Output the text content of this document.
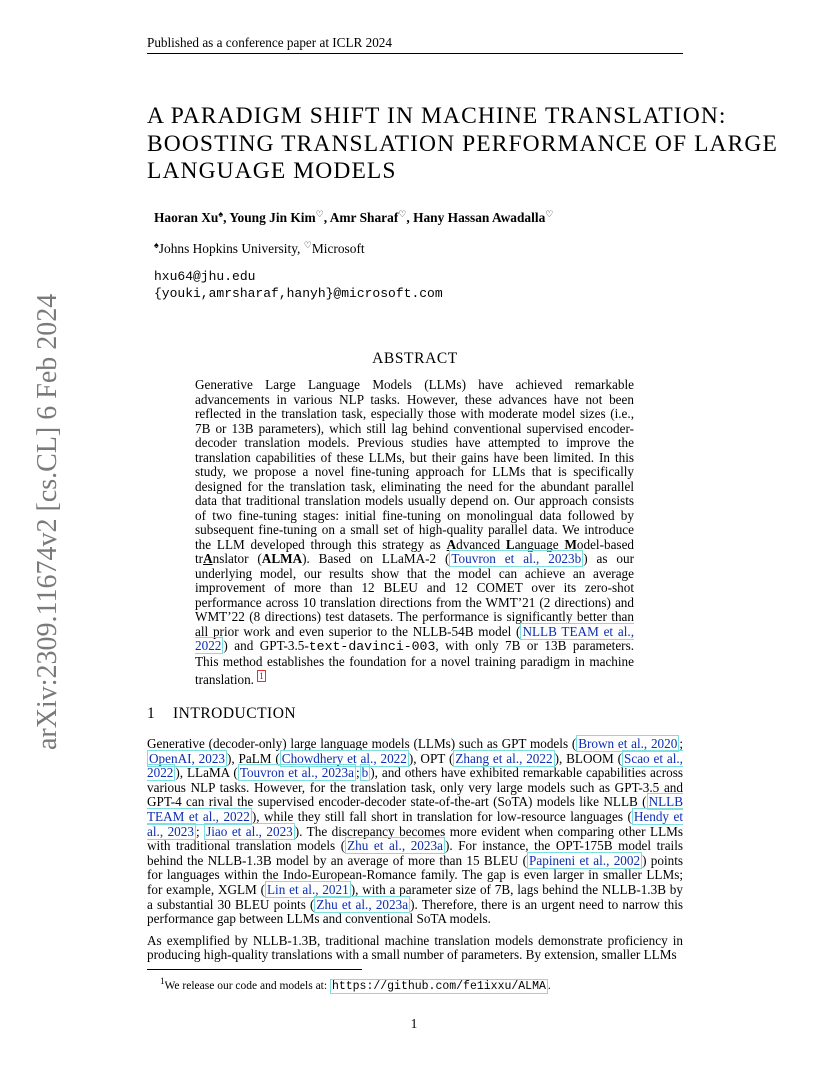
Published as a conference paper at ICLR 2024
arXiv:2309.11674v2 [cs.CL] 6 Feb 2024
A PARADIGM SHIFT IN MACHINE TRANSLATION:
BOOSTING TRANSLATION PERFORMANCE OF LARGE
LANGUAGE MODELS
Haoran Xu♠, Young Jin Kim♡, Amr Sharaf♡, Hany Hassan Awadalla♡
♠Johns Hopkins University, ♡Microsoft
hxu64@jhu.edu
{youki,amrsharaf,hanyh}@microsoft.com
ABSTRACT

Generative Large Language Models (LLMs) have achieved remarkable advancements in various NLP tasks. However, these advances have not been reflected in the translation task, especially those with moderate model sizes (i.e., 7B or 13B parameters), which still lag behind conventional supervised encoder-decoder translation models. Previous studies have attempted to improve the translation capabilities of these LLMs, but their gains have been limited. In this study, we propose a novel fine-tuning approach for LLMs that is specifically designed for the translation task, eliminating the need for the abundant parallel data that traditional translation models usually depend on. Our approach consists of two fine-tuning stages: initial fine-tuning on monolingual data followed by subsequent fine-tuning on a small set of high-quality parallel data. We introduce the LLM developed through this strategy as Advanced Language Model-based trAnslator (ALMA). Based on LLaMA-2 ( Touvron et al., 2023b ) as our underlying model, our results show that the model can achieve an average improvement of more than 12 BLEU and 12 COMET over its zero-shot performance across 10 translation directions from the WMT’21 (2 directions) and WMT’22 (8 directions) test datasets. The performance is significantly better than all prior work and even superior to the NLLB-54B model ( NLLB TEAM et al., 2022 ) and GPT-3.5-text-davinci-003, with only 7B or 13B parameters. This method establishes the foundation for a novel training paradigm in machine translation. $^1$

1 INTRODUCTION

Generative (decoder-only) large language models (LLMs) such as GPT models ( Brown et al., 2020 ; OpenAI, 2023 ), PaLM ( Chowdhery et al., 2022 ), OPT ( Zhang et al., 2022 ), BLOOM ( Scao et al., 2022 ), LLaMA ( Touvron et al., 2023a ; b ), and others have exhibited remarkable capabilities across various NLP tasks. However, for the translation task, only very large models such as GPT-3.5 and GPT-4 can rival the supervised encoder-decoder state-of-the-art (SoTA) models like NLLB ( NLLB TEAM et al., 2022 ), while they still fall short in translation for low-resource languages ( Hendy et al., 2023 ; Jiao et al., 2023 ). The discrepancy becomes more evident when comparing other LLMs with traditional translation models ( Zhu et al., 2023a ). For instance, the OPT-175B model trails behind the NLLB-1.3B model by an average of more than 15 BLEU ( Papineni et al., 2002 ) points for languages within the Indo-European-Romance family. The gap is even larger in smaller LLMs; for example, XGLM ( Lin et al., 2021 ), with a parameter size of 7B, lags behind the NLLB-1.3B by a substantial 30 BLEU points ( Zhu et al., 2023a ). Therefore, there is an urgent need to narrow this performance gap between LLMs and conventional SoTA models.

As exemplified by NLLB-1.3B, traditional machine translation models demonstrate proficiency in producing high-quality translations with a small number of parameters. By extension, smaller LLMs

$^1$We release our code and models at: https://github.com/fe1ixxu/ALMA .
1
